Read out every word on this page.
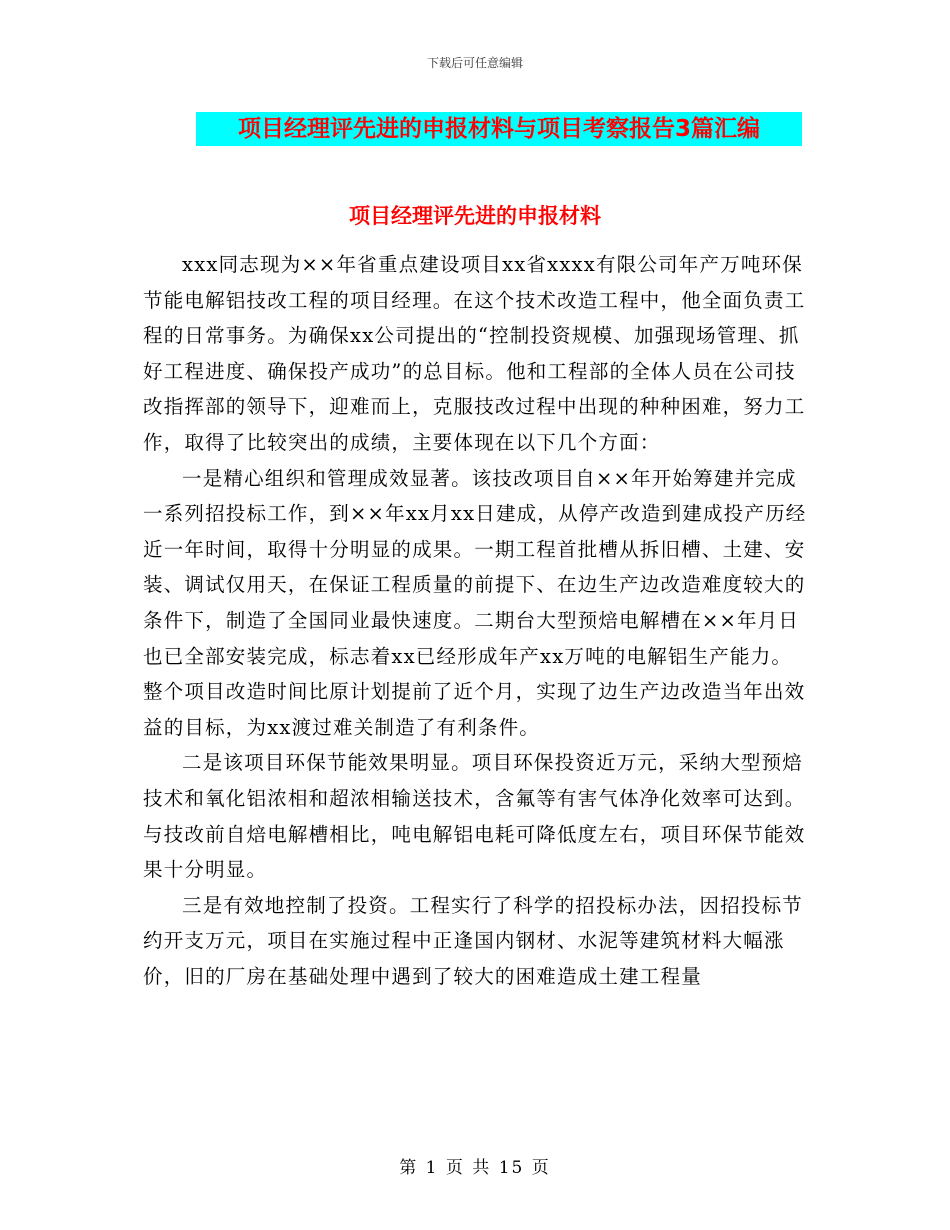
下载后可任意编辑
项目经理评先进的申报材料与项目考察报告3篇汇编
项目经理评先进的申报材料

xxx同志现为××年省重点建设项目xx省xxxx有限公司年产万吨环保节能电解铝技改工程的项目经理。在这个技术改造工程中，他全面负责工程的日常事务。为确保xx公司提出的“控制投资规模、加强现场管理、抓好工程进度、确保投产成功”的总目标。他和工程部的全体人员在公司技改指挥部的领导下，迎难而上，克服技改过程中出现的种种困难，努力工作，取得了比较突出的成绩，主要体现在以下几个方面：

一是精心组织和管理成效显著。该技改项目自××年开始筹建并完成一系列招投标工作，到××年xx月xx日建成，从停产改造到建成投产历经近一年时间，取得十分明显的成果。一期工程首批槽从拆旧槽、土建、安装、调试仅用天，在保证工程质量的前提下、在边生产边改造难度较大的条件下，制造了全国同业最快速度。二期台大型预焙电解槽在××年月日也已全部安装完成，标志着xx已经形成年产xx万吨的电解铝生产能力。整个项目改造时间比原计划提前了近个月，实现了边生产边改造当年出效益的目标，为xx渡过难关制造了有利条件。

二是该项目环保节能效果明显。项目环保投资近万元，采纳大型预焙技术和氧化铝浓相和超浓相输送技术，含氟等有害气体净化效率可达到。与技改前自焙电解槽相比，吨电解铝电耗可降低度左右，项目环保节能效果十分明显。

三是有效地控制了投资。工程实行了科学的招投标办法，因招投标节约开支万元，项目在实施过程中正逢国内钢材、水泥等建筑材料大幅涨价，旧的厂房在基础处理中遇到了较大的困难造成土建工程量

第 1 页 共 15 页
